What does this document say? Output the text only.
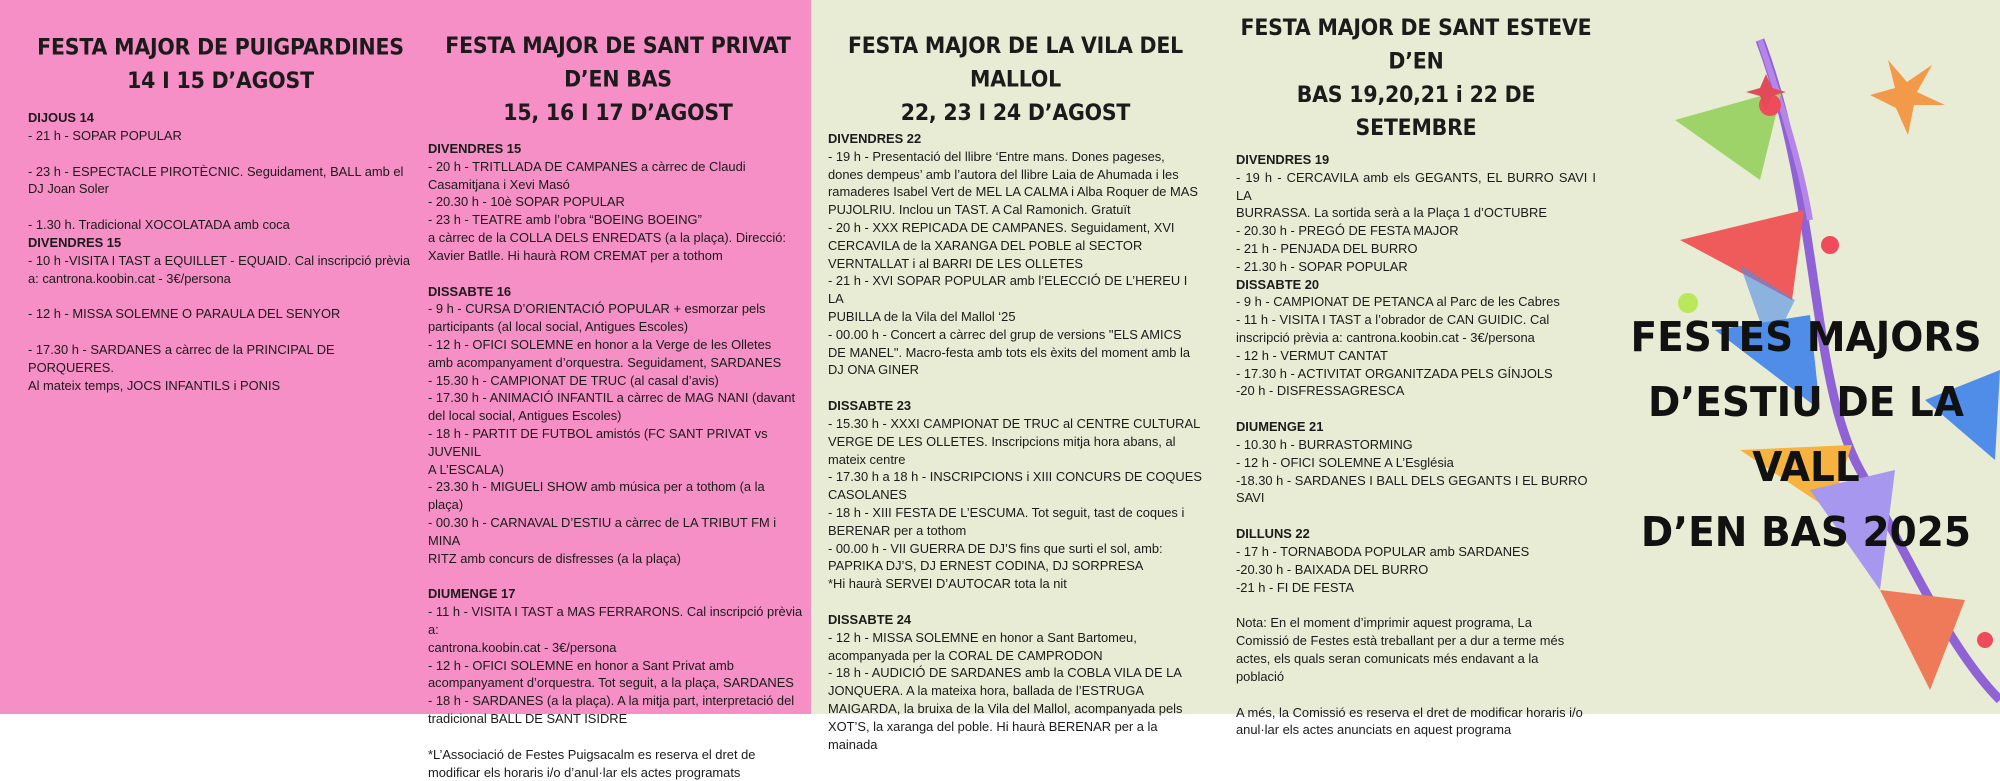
FESTA MAJOR DE PUIGPARDINES
14 I 15 D’AGOST

DIJOUS 14

- 21 h - SOPAR POPULAR

- 23 h - ESPECTACLE PIROTÈCNIC. Seguidament, BALL amb el

DJ Joan Soler

- 1.30 h. Tradicional XOCOLATADA amb coca

DIVENDRES 15

- 10 h -VISITA I TAST a EQUILLET - EQUAID. Cal inscripció prèvia

a: cantrona.koobin.cat - 3€/persona

- 12 h - MISSA SOLEMNE O PARAULA DEL SENYOR

- 17.30 h - SARDANES a càrrec de la PRINCIPAL DE PORQUERES.

Al mateix temps, JOCS INFANTILS i PONIS

FESTA MAJOR DE SANT PRIVAT D’EN BAS
15, 16 I 17 D’AGOST

DIVENDRES 15

- 20 h - TRITLLADA DE CAMPANES a càrrec de Claudi

Casamitjana i Xevi Masó

- 20.30 h - 10è SOPAR POPULAR

- 23 h - TEATRE amb l’obra “BOEING BOEING”

a càrrec de la COLLA DELS ENREDATS (a la plaça). Direcció:

Xavier Batlle. Hi haurà ROM CREMAT per a tothom

DISSABTE 16

- 9 h - CURSA D’ORIENTACIÓ POPULAR + esmorzar pels

participants (al local social, Antigues Escoles)

- 12 h - OFICI SOLEMNE en honor a la Verge de les Olletes

amb acompanyament d’orquestra. Seguidament, SARDANES

- 15.30 h - CAMPIONAT DE TRUC (al casal d’avis)

- 17.30 h - ANIMACIÓ INFANTIL a càrrec de MAG NANI (davant

del local social, Antigues Escoles)

- 18 h - PARTIT DE FUTBOL amistós (FC SANT PRIVAT vs JUVENIL

A L’ESCALA)

- 23.30 h - MIGUELI SHOW amb música per a tothom (a la

plaça)

- 00.30 h - CARNAVAL D’ESTIU a càrrec de LA TRIBUT FM i MINA

RITZ amb concurs de disfresses (a la plaça)

DIUMENGE 17

- 11 h - VISITA I TAST a MAS FERRARONS. Cal inscripció prèvia a:

cantrona.koobin.cat - 3€/persona

- 12 h - OFICI SOLEMNE en honor a Sant Privat amb

acompanyament d’orquestra. Tot seguit, a la plaça, SARDANES

- 18 h - SARDANES (a la plaça). A la mitja part, interpretació del

tradicional BALL DE SANT ISIDRE

*L’Associació de Festes Puigsacalm es reserva el dret de

modificar els horaris i/o d’anul·lar els actes programats

FESTA MAJOR DE LA VILA DEL MALLOL
22, 23 I 24 D’AGOST

DIVENDRES 22

- 19 h - Presentació del llibre ‘Entre mans. Dones pageses,

dones dempeus’ amb l’autora del llibre Laia de Ahumada i les

ramaderes Isabel Vert de MEL LA CALMA i Alba Roquer de MAS

PUJOLRIU. Inclou un TAST. A Cal Ramonich. Gratuït

- 20 h - XXX REPICADA DE CAMPANES. Seguidament, XVI

CERCAVILA de la XARANGA DEL POBLE al SECTOR

VERNTALLAT i al BARRI DE LES OLLETES

- 21 h - XVI SOPAR POPULAR amb l’ELECCIÓ DE L’HEREU I LA

PUBILLA de la Vila del Mallol ‘25

- 00.00 h - Concert a càrrec del grup de versions "ELS AMICS

DE MANEL". Macro-festa amb tots els èxits del moment amb la

DJ ONA GINER

DISSABTE 23

- 15.30 h - XXXI CAMPIONAT DE TRUC al CENTRE CULTURAL

VERGE DE LES OLLETES. Inscripcions mitja hora abans, al

mateix centre

- 17.30 h a 18 h - INSCRIPCIONS i XIII CONCURS DE COQUES

CASOLANES

- 18 h - XIII FESTA DE L’ESCUMA. Tot seguit, tast de coques i

BERENAR per a tothom

- 00.00 h - VII GUERRA DE DJ’S fins que surti el sol, amb:

PAPRIKA DJ’S, DJ ERNEST CODINA, DJ SORPRESA

*Hi haurà SERVEI D’AUTOCAR tota la nit

DISSABTE 24

- 12 h - MISSA SOLEMNE en honor a Sant Bartomeu,

acompanyada per la CORAL DE CAMPRODON

- 18 h - AUDICIÓ DE SARDANES amb la COBLA VILA DE LA

JONQUERA. A la mateixa hora, ballada de l’ESTRUGA

MAIGARDA, la bruixa de la Vila del Mallol, acompanyada pels

XOT’S, la xaranga del poble. Hi haurà BERENAR per a la

mainada

FESTA MAJOR DE SANT ESTEVE D’EN
BAS 19,20,21 i 22 DE SETEMBRE

DIVENDRES 19

- 19 h - CERCAVILA amb els GEGANTS, EL BURRO SAVI I LA

BURRASSA. La sortida serà a la Plaça 1 d’OCTUBRE

- 20.30 h - PREGÓ DE FESTA MAJOR

- 21 h - PENJADA DEL BURRO

- 21.30 h - SOPAR POPULAR

DISSABTE 20

- 9 h - CAMPIONAT DE PETANCA al Parc de les Cabres

- 11 h - VISITA I TAST a l’obrador de CAN GUIDIC. Cal

inscripció prèvia a: cantrona.koobin.cat - 3€/persona

- 12 h - VERMUT CANTAT

- 17.30 h - ACTIVITAT ORGANITZADA PELS GÍNJOLS

-20 h - DISFRESSAGRESCA

DIUMENGE 21

- 10.30 h - BURRASTORMING

- 12 h - OFICI SOLEMNE A L’Església

-18.30 h - SARDANES I BALL DELS GEGANTS I EL BURRO

SAVI

DILLUNS 22

- 17 h - TORNABODA POPULAR amb SARDANES

-20.30 h - BAIXADA DEL BURRO

-21 h - FI DE FESTA

Nota: En el moment d’imprimir aquest programa, La

Comissió de Festes està treballant per a dur a terme més

actes, els quals seran comunicats més endavant a la

població

A més, la Comissió es reserva el dret de modificar horaris i/o

anul·lar els actes anunciats en aquest programa

FESTES MAJORS
D’ESTIU DE LA VALL
D’EN BAS 2025
